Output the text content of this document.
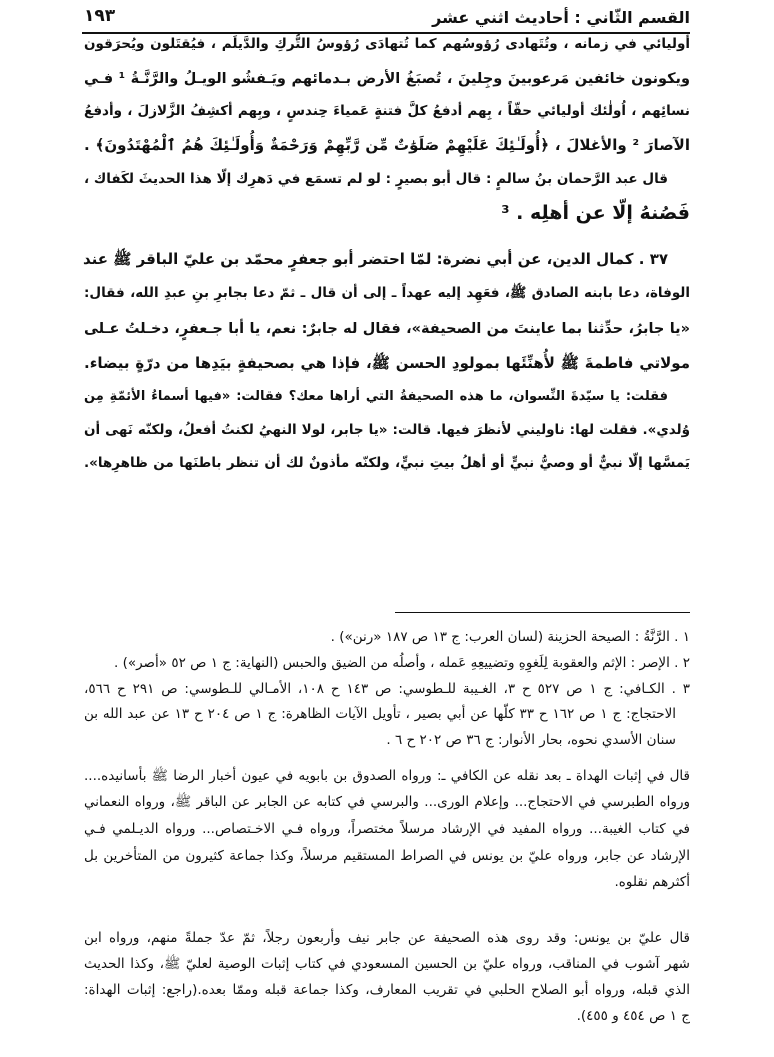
القسم الثّاني : أحاديث اثني عشر
١٩٣
أوليائي في زمانه ، وتُتَهادى رُؤوسُهم كما تُتهادَى رُؤوسُ التُّركِ والدَّيلَم ، فيُقتَلون ويُحرَقون
ويكونون خائفين مَرعوبينَ وجِلينَ ، تُصبَغُ الأرض بـدمائهم ويَـفشُو الويـلُ والرَّنَّـةُ ¹ فـي
نسائِهم ، اُولٰئك أوليائي حقّاً ، بِهم أدفعُ كلَّ فتنةٍ عَمياءَ حِندسٍ ، وبِهم أكشِفُ الزَّلازلَ ، وأدفعُ
الآصارَ ² والأغلالَ ، ﴿أُولَـٰئِكَ عَلَيْهِمْ صَلَوَٰتٌ مِّن رَّبِّهِمْ وَرَحْمَةٌ وَأُولَـٰئِكَ هُمُ ٱلْمُهْتَدُونَ﴾ .
قال عبد الرَّحمان بنُ سالمٍ : قال أبو بصيرٍ : لو لم تسمَع في دَهرِك إلّا هذا الحديثَ لكَفاك ،
فَصُنهُ إلّا عن أهلِه . ³
٣٧ . كمال الدين، عن أبي نضرة: لمّا احتضر أبو جعفرٍ محمّد بن عليّ الباقر ﷺ عند
الوفاة، دعا بابنه الصادق ﷺ، فعَهِد إليه عهداً ـ إلى أن قال ـ ثمّ دعا بجابرِ بنِ عبدِ الله، فقال:
«يا جابرُ، حدِّثنا بما عاينتَ من الصحيفة»، فقال له جابرٌ: نعم، يا أبا جـعفرٍ، دخـلتُ عـلى
مولاتي فاطمةَ ﷺ لأُهنِّئَها بمولودِ الحسن ﷺ، فإذا هي بصحيفةٍ بيَدِها من درّةٍ بيضاء.
فقلت: يا سيّدةَ النِّسوان، ما هذه الصحيفةُ التي أراها معك؟ فقالت: «فيها أسماءُ الأئمّةِ مِن
وُلدي». فقلت لها: ناوليني لأنظرَ فيها. قالت: «يا جابر، لولا النهيُ لكنتُ أفعلُ، ولكنّه نَهى أن
يَمسَّها إلّا نبيٌّ أو وصيُّ نبيٍّ أو أهلُ بيتِ نبيٍّ، ولكنّه مأذونٌ لك أن تنظر باطنَها من ظاهرِها».
١ . الرَّنَّةُ : الصيحة الحزينة (لسان العرب: ج ١٣ ص ١٨٧ «رنن») .
٢ . الإصر : الإثم والعقوبة لِلَغوِهِ وتضييعِهِ عَمله ، وأصلُه من الضيق والحبس (النهاية: ج ١ ص ٥٢ «أصر») .
٣ . الكـافي: ج ١ ص ٥٢٧ ح ٣، الغـيبة للـطوسي: ص ١٤٣ ح ١٠٨، الأمـالي للـطوسي: ص ٢٩١ ح ٥٦٦،
الاحتجاج: ج ١ ص ١٦٢ ح ٣٣ كلّها عن أبي بصير ، تأويل الآيات الظاهرة: ج ١ ص ٢٠٤ ح ١٣ عن عبد الله بن
سنان الأسدي نحوه، بحار الأنوار: ج ٣٦ ص ٢٠٢ ح ٦ .
قال في إثبات الهداة ـ بعد نقله عن الكافي ـ: ورواه الصدوق بن بابويه في عيون أخبار الرضا ﷺ بأسانيده....
ورواه الطبرسي في الاحتجاج... وإعلام الورى... والبرسي في كتابه عن الجابر عن الباقر ﷺ، ورواه النعماني
في كتاب الغيبة... ورواه المفيد في الإرشاد مرسلاً مختصراً، ورواه فـي الاخـتصاص... ورواه الديـلمي فـي
الإرشاد عن جابر، ورواه عليّ بن يونس في الصراط المستقيم مرسلاً، وكذا جماعة كثيرون من المتأخرين بل
أكثرهم نقلوه.
قال عليّ بن يونس: وقد روى هذه الصحيفة عن جابر نيف وأربعون رجلاً، ثمّ عدّ جملةً منهم، ورواه ابن
شهر آشوب في المناقب، ورواه عليّ بن الحسين المسعودي في كتاب إثبات الوصية لعليّ ﷺ، وكذا الحديث
الذي قبله، ورواه أبو الصلاح الحلبي في تقريب المعارف، وكذا جماعة قبله وممّا بعده.(راجع: إثبات الهداة:
ج ١ ص ٤٥٤ و ٤٥٥).
